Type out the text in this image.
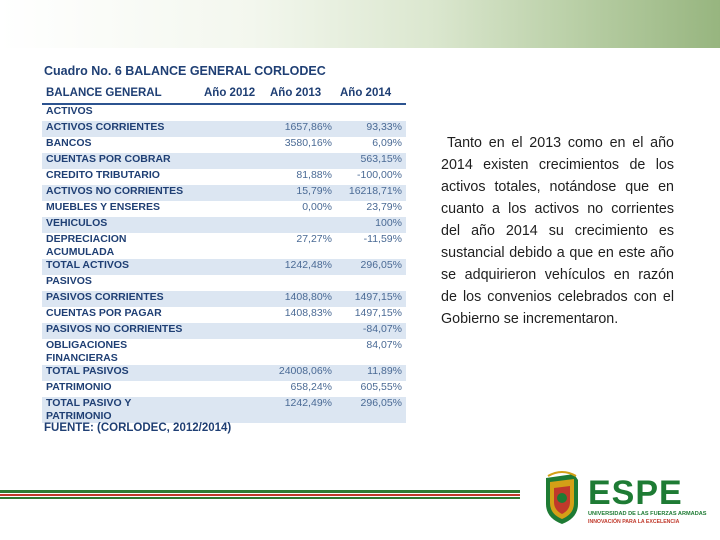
Cuadro No. 6 BALANCE GENERAL CORLODEC
BALANCE GENERAL	Año 2012	Año 2013	Año 2014
ACTIVOS			
ACTIVOS CORRIENTES		1657,86%	93,33%
BANCOS		3580,16%	6,09%
CUENTAS POR COBRAR			563,15%
CREDITO TRIBUTARIO		81,88%	-100,00%
ACTIVOS NO CORRIENTES		15,79%	16218,71%
MUEBLES Y ENSERES		0,00%	23,79%
VEHICULOS			100%
DEPRECIACION ACUMULADA		27,27%	-11,59%
TOTAL ACTIVOS		1242,48%	296,05%
PASIVOS			
PASIVOS CORRIENTES		1408,80%	1497,15%
CUENTAS POR PAGAR		1408,83%	1497,15%
PASIVOS NO CORRIENTES			-84,07%
OBLIGACIONES FINANCIERAS			84,07%
TOTAL PASIVOS		24008,06%	11,89%
PATRIMONIO		658,24%	605,55%
TOTAL PASIVO Y PATRIMONIO		1242,49%	296,05%
FUENTE: (CORLODEC, 2012/2014)

Tanto en el 2013 como en el año 2014 existen crecimientos de los activos totales, notándose que en cuanto a los activos no corrientes del año 2014 su crecimiento es sustancial debido a que en este año se adquirieron vehículos en razón de los convenios celebrados con el Gobierno se incrementaron.

ESPE
UNIVERSIDAD DE LAS FUERZAS ARMADAS
INNOVACIÓN PARA LA EXCELENCIA
